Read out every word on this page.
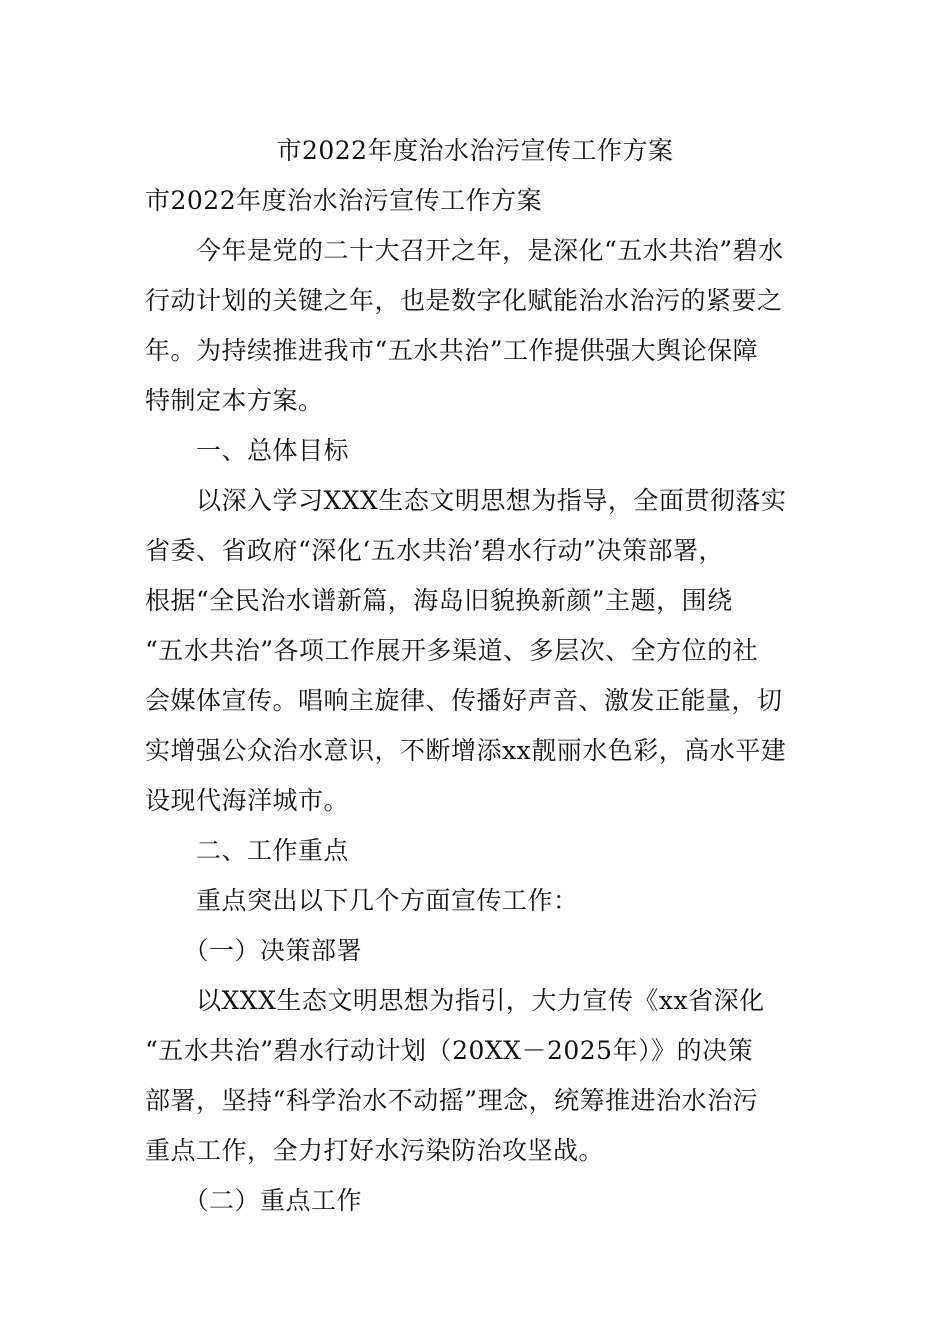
市2022年度治水治污宣传工作方案
市2022年度治水治污宣传工作方案
　　今年是党的二十大召开之年，是深化“五水共治”碧水
行动计划的关键之年，也是数字化赋能治水治污的紧要之
年。为持续推进我市“五水共治”工作提供强大舆论保障
特制定本方案。
　　一、总体目标
　　以深入学习XXX生态文明思想为指导，全面贯彻落实
省委、省政府“深化‘五水共治’碧水行动”决策部署，
根据“全民治水谱新篇，海岛旧貌换新颜”主题，围绕
“五水共治”各项工作展开多渠道、多层次、全方位的社
会媒体宣传。唱响主旋律、传播好声音、激发正能量，切
实增强公众治水意识，不断增添xx靓丽水色彩，高水平建
设现代海洋城市。
　　二、工作重点
　　重点突出以下几个方面宣传工作：
　　（一）决策部署
　　以XXX生态文明思想为指引，大力宣传《xx省深化
“五水共治”碧水行动计划（20XX－2025年）》的决策
部署，坚持“科学治水不动摇”理念，统筹推进治水治污
重点工作，全力打好水污染防治攻坚战。
　　（二）重点工作
